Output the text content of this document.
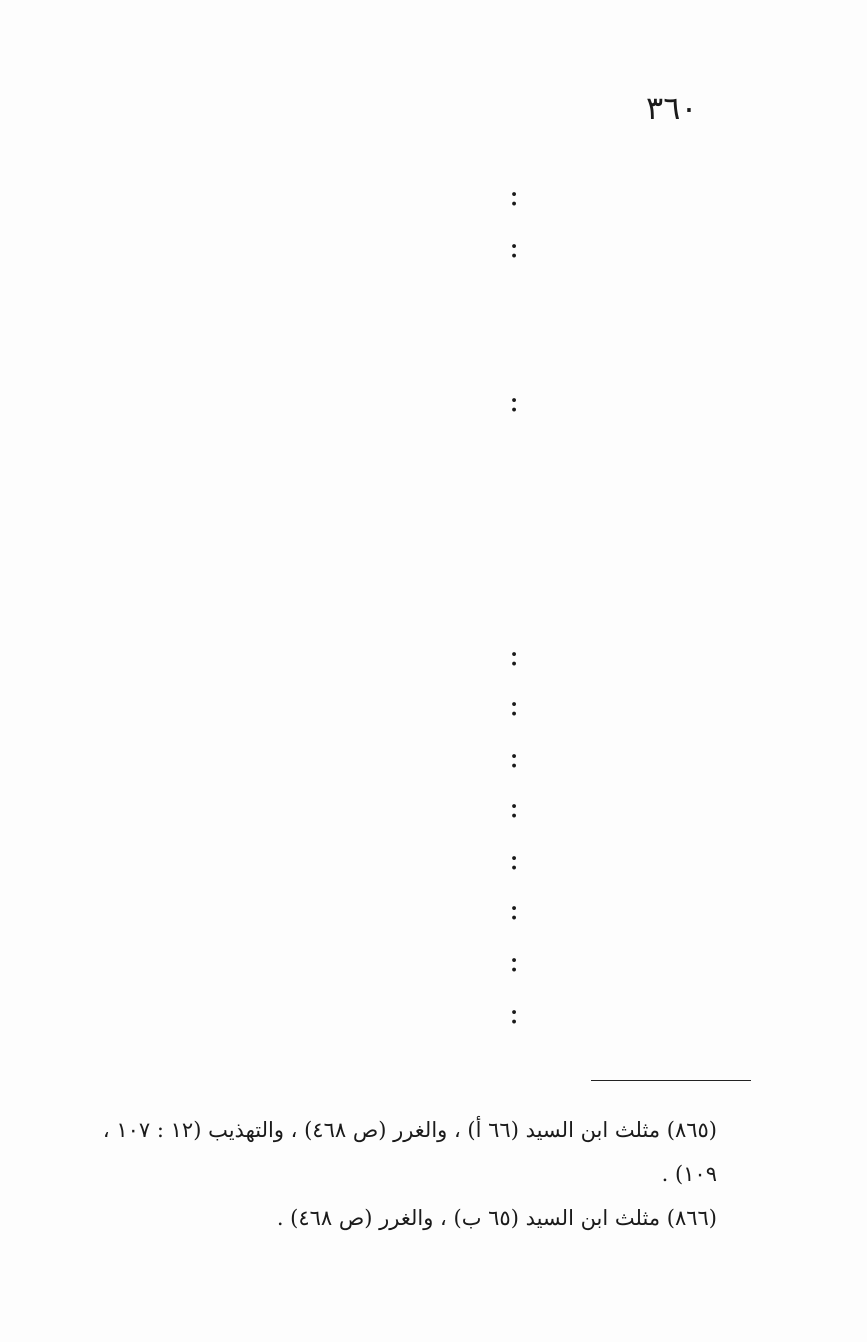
٣٦٠
:
:
:
:
:
:
:
:
:
:
:
(٨٦٥) مثلث ابن السيد (٦٦ أ) ، والغرر (ص ٤٦٨) ، والتهذيب (١٢ : ١٠٧ ، ١٠٩) .
(٨٦٦) مثلث ابن السيد (٦٥ ب) ، والغرر (ص ٤٦٨) .
